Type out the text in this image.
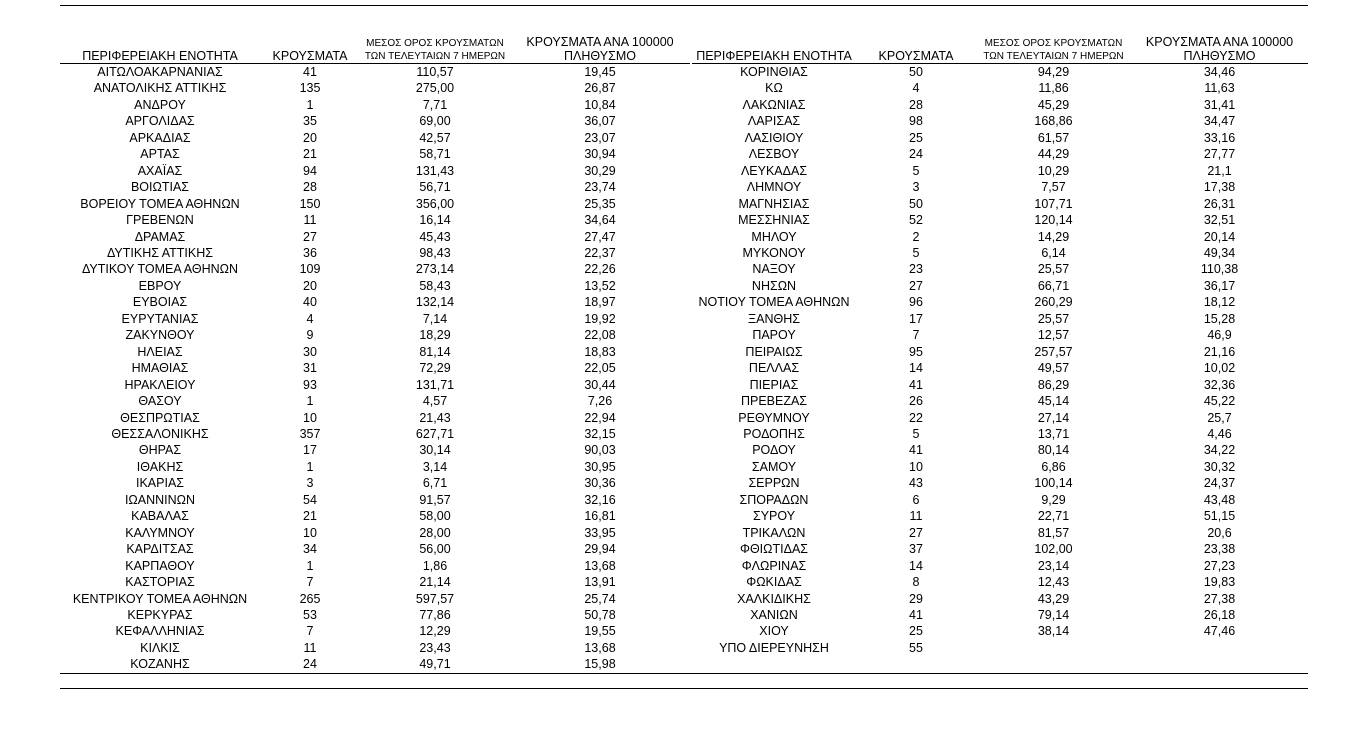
ΠΕΡΙΦΕΡΕΙΑΚΗ ΕΝΟΤΗΤΑ	ΚΡΟΥΣΜΑΤΑ	ΜΕΣΟΣ ΟΡΟΣ ΚΡΟΥΣΜΑΤΩΝ
ΤΩΝ ΤΕΛΕΥΤΑΙΩΝ 7 ΗΜΕΡΩΝ	ΚΡΟΥΣΜΑΤΑ ΑΝΑ 100000
ΠΛΗΘΥΣΜΟ
ΑΙΤΩΛΟΑΚΑΡΝΑΝΙΑΣ	41	110,57	19,45
ΑΝΑΤΟΛΙΚΗΣ ΑΤΤΙΚΗΣ	135	275,00	26,87
ΑΝΔΡΟΥ	1	7,71	10,84
ΑΡΓΟΛΙΔΑΣ	35	69,00	36,07
ΑΡΚΑΔΙΑΣ	20	42,57	23,07
ΑΡΤΑΣ	21	58,71	30,94
ΑΧΑΪΑΣ	94	131,43	30,29
ΒΟΙΩΤΙΑΣ	28	56,71	23,74
ΒΟΡΕΙΟΥ ΤΟΜΕΑ ΑΘΗΝΩΝ	150	356,00	25,35
ΓΡΕΒΕΝΩΝ	11	16,14	34,64
ΔΡΑΜΑΣ	27	45,43	27,47
ΔΥΤΙΚΗΣ ΑΤΤΙΚΗΣ	36	98,43	22,37
ΔΥΤΙΚΟΥ ΤΟΜΕΑ ΑΘΗΝΩΝ	109	273,14	22,26
ΕΒΡΟΥ	20	58,43	13,52
ΕΥΒΟΙΑΣ	40	132,14	18,97
ΕΥΡΥΤΑΝΙΑΣ	4	7,14	19,92
ΖΑΚΥΝΘΟΥ	9	18,29	22,08
ΗΛΕΙΑΣ	30	81,14	18,83
ΗΜΑΘΙΑΣ	31	72,29	22,05
ΗΡΑΚΛΕΙΟΥ	93	131,71	30,44
ΘΑΣΟΥ	1	4,57	7,26
ΘΕΣΠΡΩΤΙΑΣ	10	21,43	22,94
ΘΕΣΣΑΛΟΝΙΚΗΣ	357	627,71	32,15
ΘΗΡΑΣ	17	30,14	90,03
ΙΘΑΚΗΣ	1	3,14	30,95
ΙΚΑΡΙΑΣ	3	6,71	30,36
ΙΩΑΝΝΙΝΩΝ	54	91,57	32,16
ΚΑΒΑΛΑΣ	21	58,00	16,81
ΚΑΛΥΜΝΟΥ	10	28,00	33,95
ΚΑΡΔΙΤΣΑΣ	34	56,00	29,94
ΚΑΡΠΑΘΟΥ	1	1,86	13,68
ΚΑΣΤΟΡΙΑΣ	7	21,14	13,91
ΚΕΝΤΡΙΚΟΥ ΤΟΜΕΑ ΑΘΗΝΩΝ	265	597,57	25,74
ΚΕΡΚΥΡΑΣ	53	77,86	50,78
ΚΕΦΑΛΛΗΝΙΑΣ	7	12,29	19,55
ΚΙΛΚΙΣ	11	23,43	13,68
ΚΟΖΑΝΗΣ	24	49,71	15,98
ΠΕΡΙΦΕΡΕΙΑΚΗ ΕΝΟΤΗΤΑ	ΚΡΟΥΣΜΑΤΑ	ΜΕΣΟΣ ΟΡΟΣ ΚΡΟΥΣΜΑΤΩΝ
ΤΩΝ ΤΕΛΕΥΤΑΙΩΝ 7 ΗΜΕΡΩΝ	ΚΡΟΥΣΜΑΤΑ ΑΝΑ 100000
ΠΛΗΘΥΣΜΟ
ΚΟΡΙΝΘΙΑΣ	50	94,29	34,46
ΚΩ	4	11,86	11,63
ΛΑΚΩΝΙΑΣ	28	45,29	31,41
ΛΑΡΙΣΑΣ	98	168,86	34,47
ΛΑΣΙΘΙΟΥ	25	61,57	33,16
ΛΕΣΒΟΥ	24	44,29	27,77
ΛΕΥΚΑΔΑΣ	5	10,29	21,1
ΛΗΜΝΟΥ	3	7,57	17,38
ΜΑΓΝΗΣΙΑΣ	50	107,71	26,31
ΜΕΣΣΗΝΙΑΣ	52	120,14	32,51
ΜΗΛΟΥ	2	14,29	20,14
ΜΥΚΟΝΟΥ	5	6,14	49,34
ΝΑΞΟΥ	23	25,57	110,38
ΝΗΣΩΝ	27	66,71	36,17
ΝΟΤΙΟΥ ΤΟΜΕΑ ΑΘΗΝΩΝ	96	260,29	18,12
ΞΑΝΘΗΣ	17	25,57	15,28
ΠΑΡΟΥ	7	12,57	46,9
ΠΕΙΡΑΙΩΣ	95	257,57	21,16
ΠΕΛΛΑΣ	14	49,57	10,02
ΠΙΕΡΙΑΣ	41	86,29	32,36
ΠΡΕΒΕΖΑΣ	26	45,14	45,22
ΡΕΘΥΜΝΟΥ	22	27,14	25,7
ΡΟΔΟΠΗΣ	5	13,71	4,46
ΡΟΔΟΥ	41	80,14	34,22
ΣΑΜΟΥ	10	6,86	30,32
ΣΕΡΡΩΝ	43	100,14	24,37
ΣΠΟΡΑΔΩΝ	6	9,29	43,48
ΣΥΡΟΥ	11	22,71	51,15
ΤΡΙΚΑΛΩΝ	27	81,57	20,6
ΦΘΙΩΤΙΔΑΣ	37	102,00	23,38
ΦΛΩΡΙΝΑΣ	14	23,14	27,23
ΦΩΚΙΔΑΣ	8	12,43	19,83
ΧΑΛΚΙΔΙΚΗΣ	29	43,29	27,38
ΧΑΝΙΩΝ	41	79,14	26,18
ΧΙΟΥ	25	38,14	47,46
ΥΠΟ ΔΙΕΡΕΥΝΗΣΗ	55		
